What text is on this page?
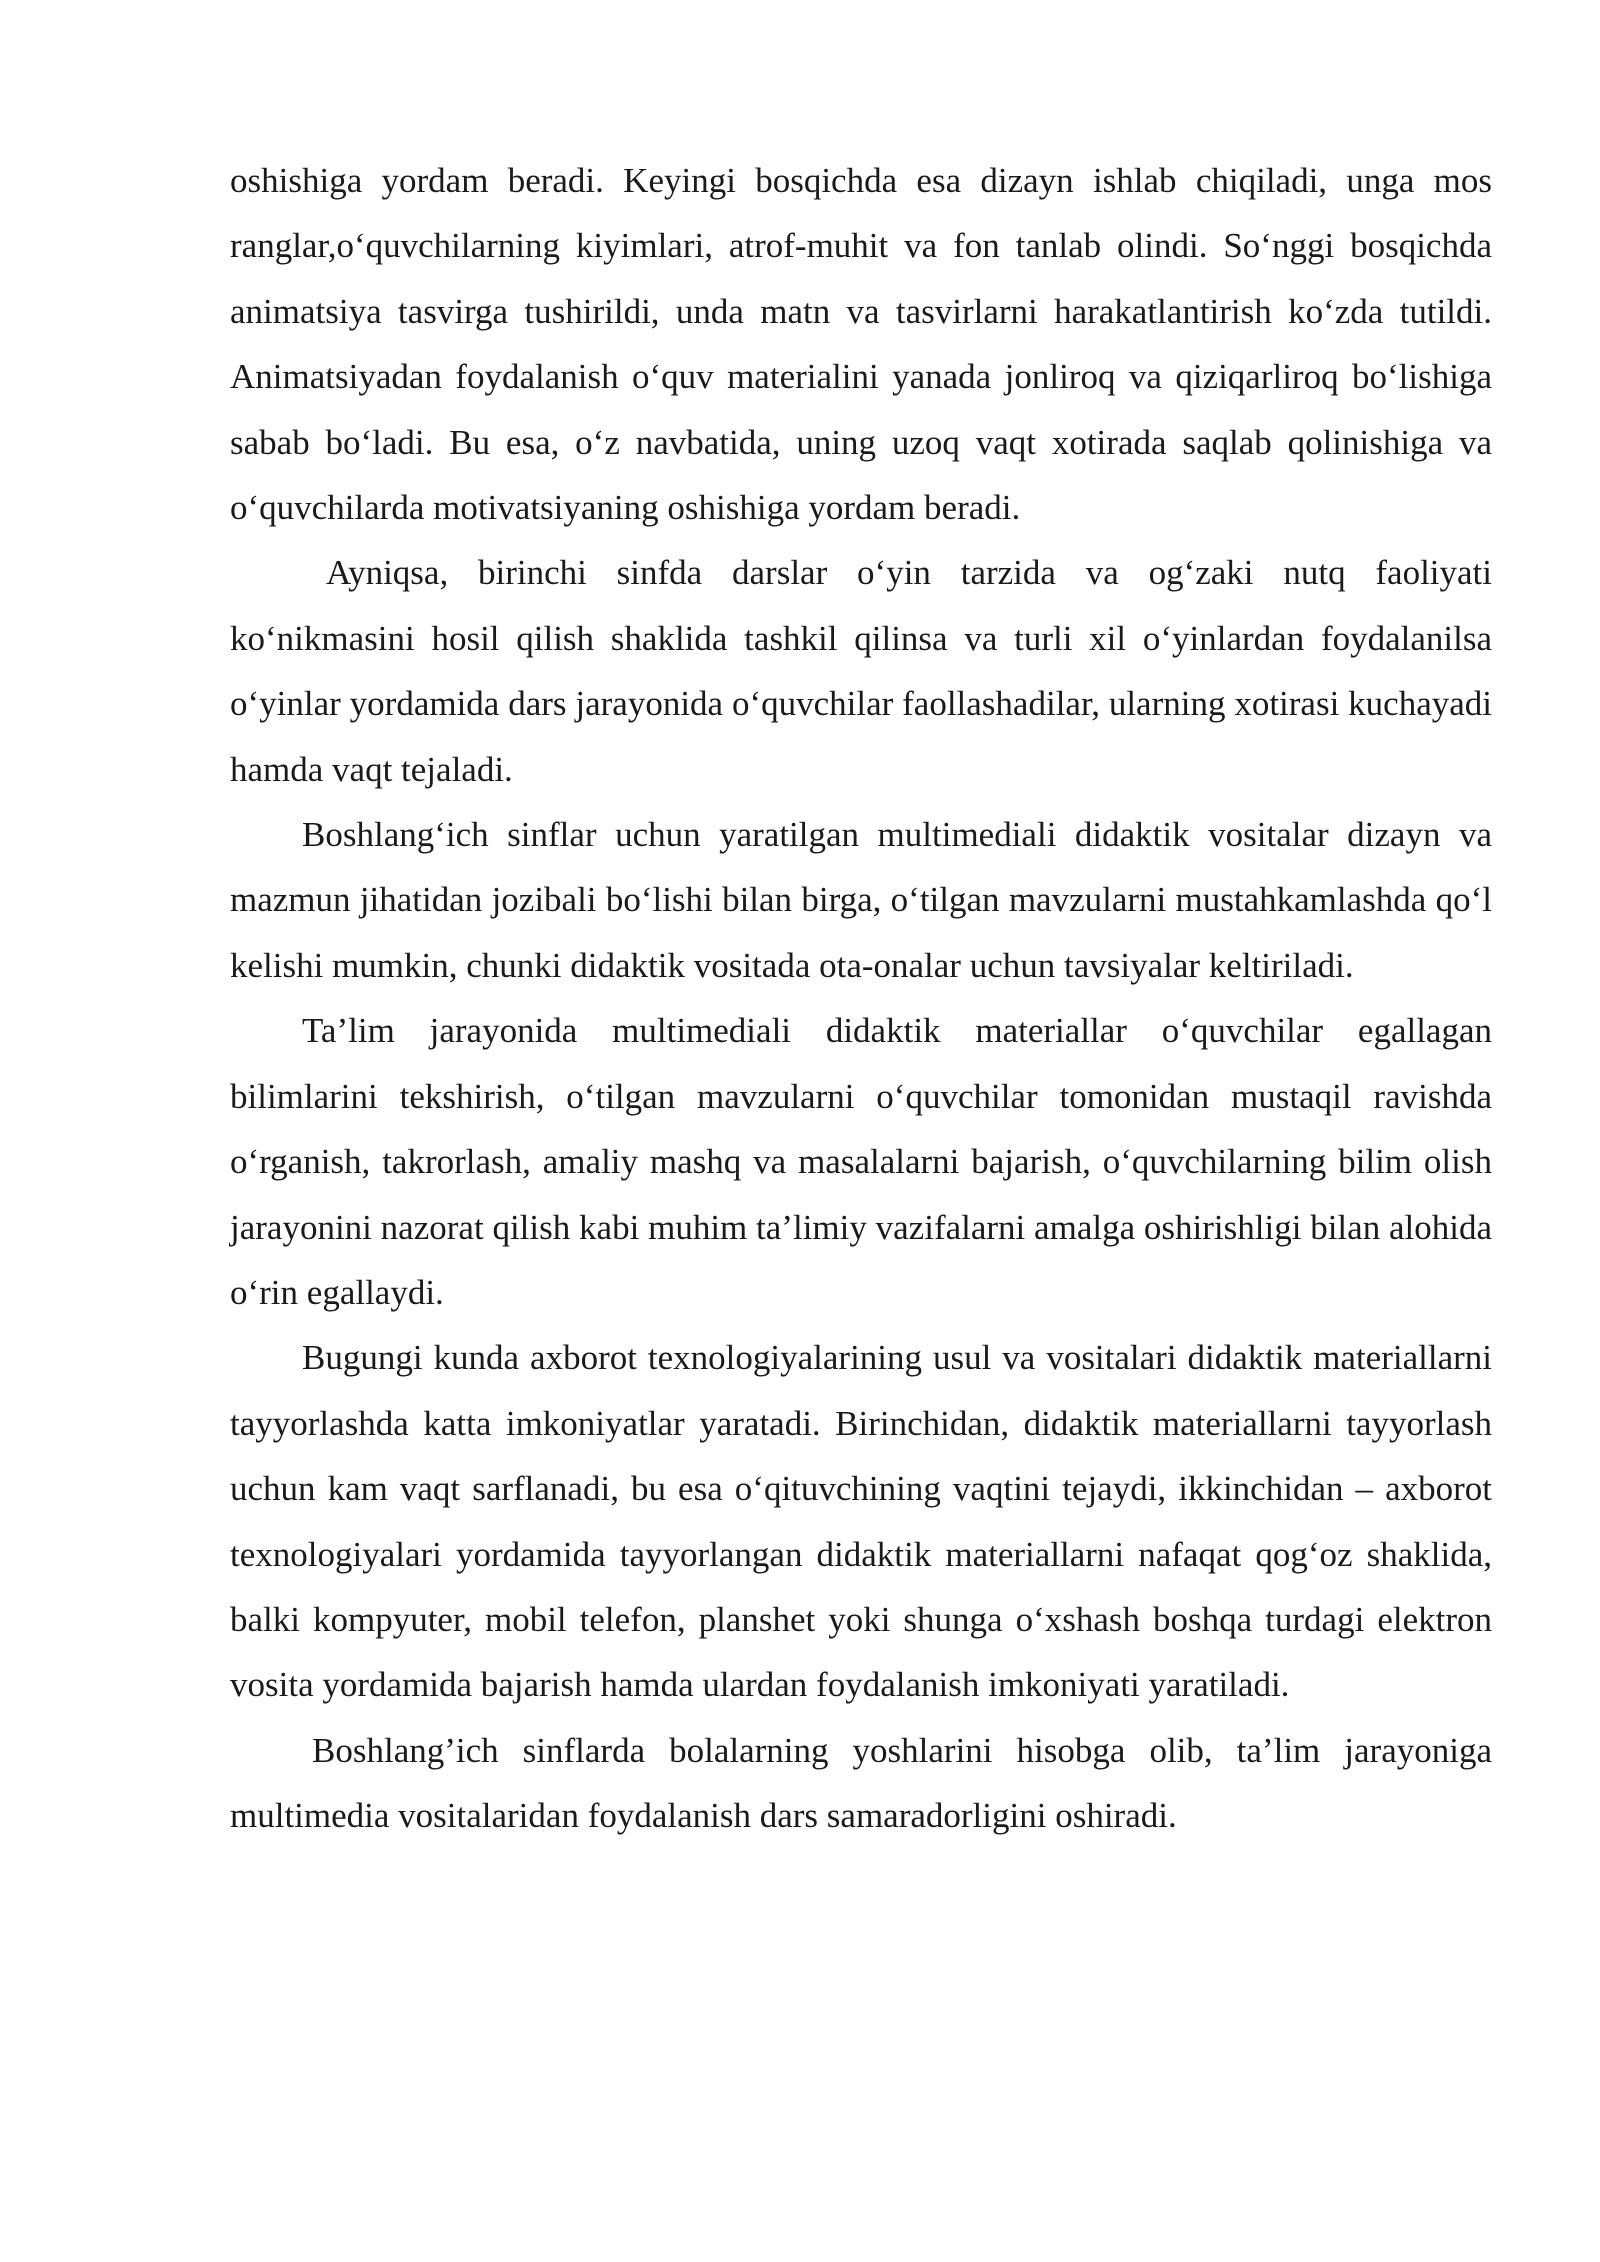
oshishiga yordam beradi. Keyingi bosqichda esa dizayn ishlab chiqiladi, unga mos ranglar,o‘quvchilarning kiyimlari, atrof-muhit va fon tanlab olindi. So‘nggi bosqichda animatsiya tasvirga tushirildi, unda matn va tasvirlarni harakatlantirish ko‘zda tutildi. Animatsiyadan foydalanish o‘quv materialini yanada jonliroq va qiziqarliroq bo‘lishiga sabab bo‘ladi. Bu esa, o‘z navbatida, uning uzoq vaqt xotirada saqlab qolinishiga va o‘quvchilarda motivatsiyaning oshishiga yordam beradi.

Ayniqsa, birinchi sinfda darslar o‘yin tarzida va og‘zaki nutq faoliyati ko‘nikmasini hosil qilish shaklida tashkil qilinsa va turli xil o‘yinlardan foydalanilsa o‘yinlar yordamida dars jarayonida o‘quvchilar faollashadilar, ularning xotirasi kuchayadi hamda vaqt tejaladi.

Boshlang‘ich sinflar uchun yaratilgan multimediali didaktik vositalar dizayn va mazmun jihatidan jozibali bo‘lishi bilan birga, o‘tilgan mavzularni mustahkamlashda qo‘l kelishi mumkin, chunki didaktik vositada ota-onalar uchun tavsiyalar keltiriladi.

Ta’lim jarayonida multimediali didaktik materiallar o‘quvchilar egallagan bilimlarini tekshirish, o‘tilgan mavzularni o‘quvchilar tomonidan mustaqil ravishda o‘rganish, takrorlash, amaliy mashq va masalalarni bajarish, o‘quvchilarning bilim olish jarayonini nazorat qilish kabi muhim ta’limiy vazifalarni amalga oshirishligi bilan alohida o‘rin egallaydi.

Bugungi kunda axborot texnologiyalarining usul va vositalari didaktik materiallarni tayyorlashda katta imkoniyatlar yaratadi. Birinchidan, didaktik materiallarni tayyorlash uchun kam vaqt sarflanadi, bu esa o‘qituvchining vaqtini tejaydi, ikkinchidan – axborot texnologiyalari yordamida tayyorlangan didaktik materiallarni nafaqat qog‘oz shaklida, balki kompyuter, mobil telefon, planshet yoki shunga o‘xshash boshqa turdagi elektron vosita yordamida bajarish hamda ulardan foydalanish imkoniyati yaratiladi.

Boshlang’ich sinflarda bolalarning yoshlarini hisobga olib, ta’lim jarayoniga multimedia vositalaridan foydalanish dars samaradorligini oshiradi.
